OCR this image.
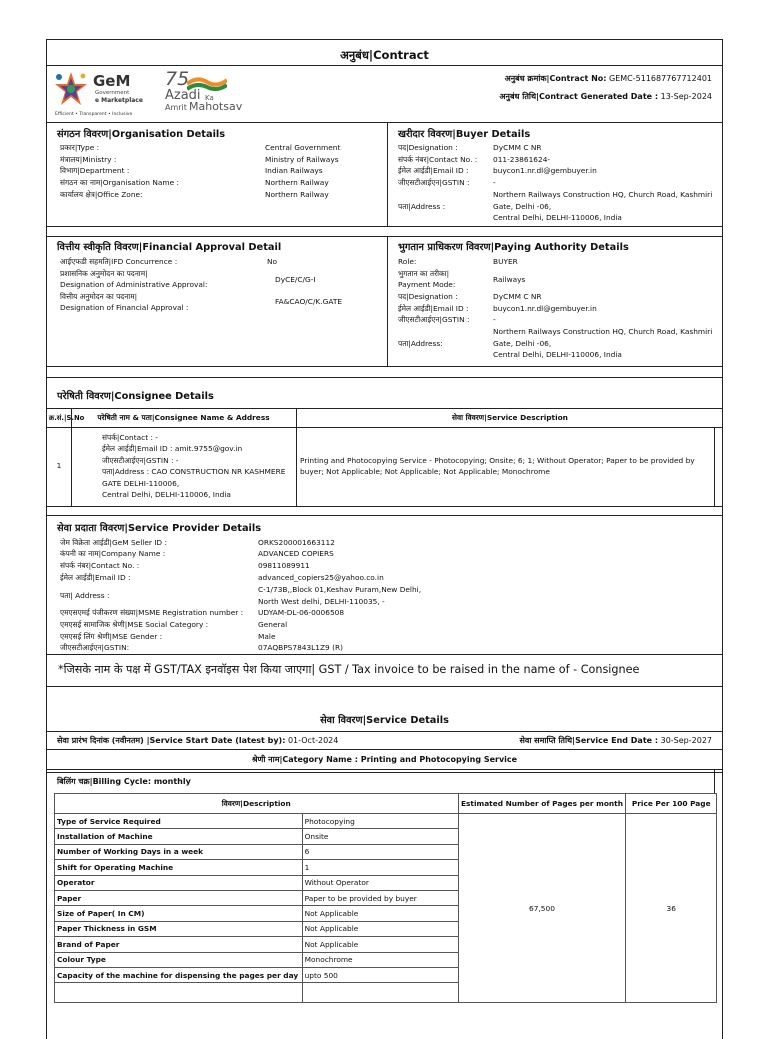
अनुबंध|Contract
GeM
Government
e Marketplace
Efficient • Transparent • Inclusive
75
Azadi Ka
Amrit Mahotsav
अनुबंध क्रमांक|Contract No: GEMC-511687767712401
अनुबंध तिथि|Contract Generated Date : 13-Sep-2024
संगठन विवरण|Organisation Details	खरीदार विवरण|Buyer Details
प्रकार|Type :	Central Government
मंत्रालय|Ministry :	Ministry of Railways
विभाग|Department :	Indian Railways
संगठन का नाम|Organisation Name :	Northern Railway
कार्यालय क्षेत्र|Office Zone:	Northern Railway
पद|Designation :	DyCMM C NR
संपर्क नंबर|Contact No. : 011-23861624-
ईमेल आईडी|Email ID :	buycon1.nr.dl@gembuyer.in
जीएसटीआईएन|GSTIN :	-
पता|Address :
Northern Railways Construction HQ, Church Road, Kashmiri
Gate, Delhi -06,
Central Delhi, DELHI-110006, India
वित्तीय स्वीकृति विवरण|Financial Approval Detail	भुगतान प्राधिकरण विवरण|Paying Authority Details
आईएफडी सहमति|IFD Concurrence :	No
प्रशासनिक अनुमोदन का पदनाम|
Designation of Administrative Approval:
DyCE/C/G-I
वित्तीय अनुमोदन का पदनाम|
Designation of Financial Approval :
FA&CAO/C/K.GATE
Role:	BUYER
भुगतान का तरीका|
Payment Mode:
Railways
पद|Designation :	DyCMM C NR
ईमेल आईडी|Email ID :	buycon1.nr.dl@gembuyer.in
जीएसटीआईएन|GSTIN :	-
पता|Address:
Northern Railways Construction HQ, Church Road, Kashmiri
Gate, Delhi -06,
Central Delhi, DELHI-110006, India
परेषिती विवरण|Consignee Details
क्र.सं.|S.No	परेषिती नाम & पता|Consignee Name & Address	सेवा विवरण|Service Description
1
संपर्क|Contact : -
ईमेल आईडी|Email ID : amit.9755@gov.in
जीएसटीआईएन|GSTIN : -
पता|Address : CAO CONSTRUCTION NR KASHMERE
GATE DELHI-110006,
Central Delhi, DELHI-110006, India
Printing and Photocopying Service - Photocopying; Onsite; 6; 1; Without Operator; Paper to be provided by
buyer; Not Applicable; Not Applicable; Not Applicable; Monochrome
सेवा प्रदाता विवरण|Service Provider Details
जेम विक्रेता आईडी|GeM Seller ID :	ORKS200001663112
कंपनी का नाम|Company Name :	ADVANCED COPIERS
संपर्क नंबर|Contact No. :	09811089911
ईमेल आईडी|Email ID :	advanced_copiers25@yahoo.co.in
पता| Address :
C-1/73B,,Block 01,Keshav Puram,New Delhi,
North West delhi, DELHI-110035, -
एमएसएमई पंजीकरण संख्या|MSME Registration number : UDYAM-DL-06-0006508
एमएसई सामाजिक श्रेणी|MSE Social Category :	General
एमएसई लिंग श्रेणी|MSE Gender :	Male
जीएसटीआईएन|GSTIN:	07AQBPS7843L1Z9 (R)
*जिसके नाम के पक्ष में GST/TAX इनवॉइस पेश किया जाएगा| GST / Tax invoice to be raised in the name of - Consignee
सेवा विवरण|Service Details
सेवा प्रारंभ दिनांक (नवीनतम) |Service Start Date (latest by): 01-Oct-2024	सेवा समाप्ति तिथि|Service End Date : 30-Sep-2027
श्रेणी नाम|Category Name : Printing and Photocopying Service
बिलिंग चक्र|Billing Cycle: monthly
विवरण|Description		Estimated Number of Pages per month	Price Per 100 Page
Type of Service Required	Photocopying	67,500	36
Installation of Machine	Onsite		
Number of Working Days in a week	6		
Shift for Operating Machine	1		
Operator	Without Operator		
Paper	Paper to be provided by buyer		
Size of Paper( In CM)	Not Applicable		
Paper Thickness in GSM	Not Applicable		
Brand of Paper	Not Applicable		
Colour Type	Monochrome		
Capacity of the machine for dispensing the pages per day	upto 500		
